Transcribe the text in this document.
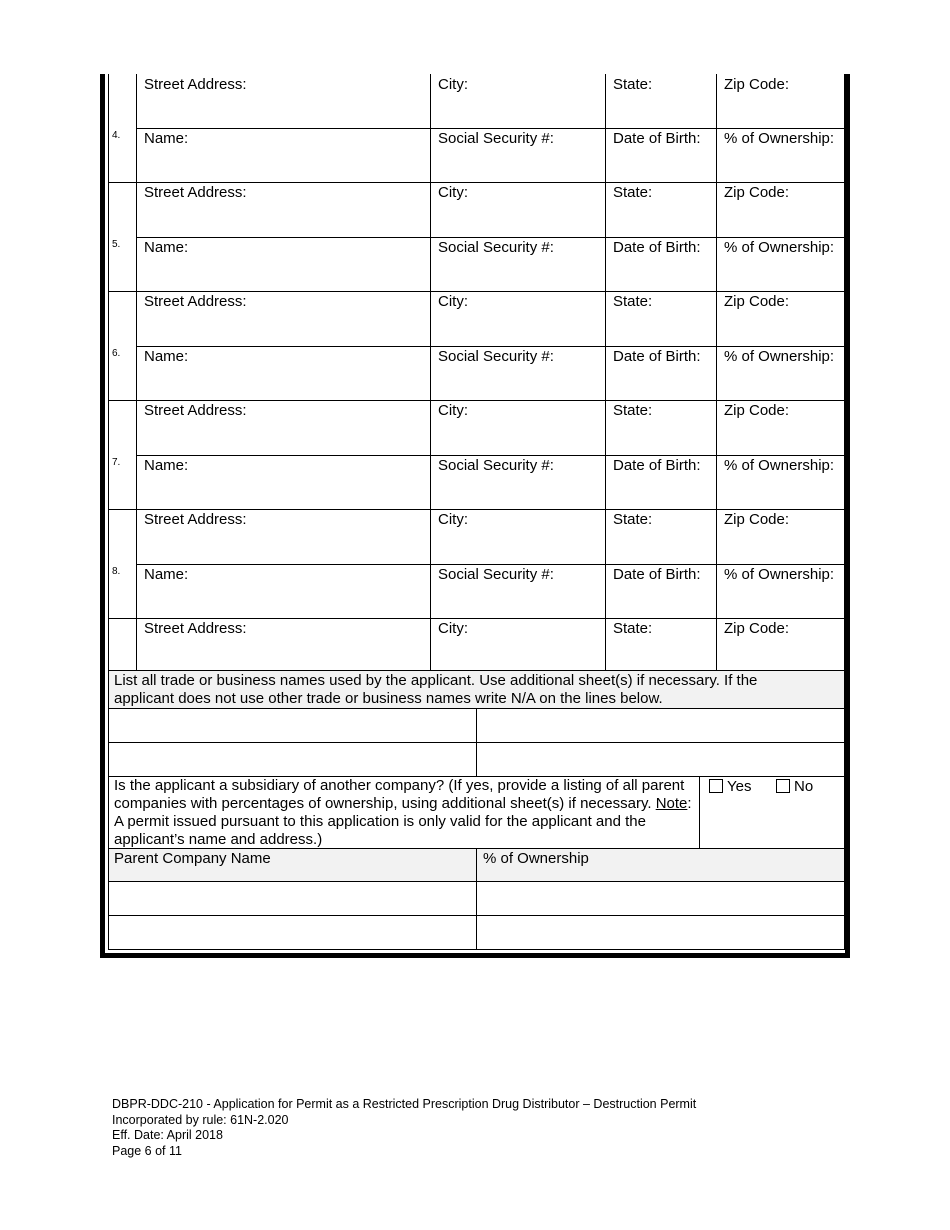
Street Address:	City:	State:	Zip Code:
4.	Name:	Social Security #:	Date of Birth:	% of Ownership:
Street Address:	City:	State:	Zip Code:
5.	Name:	Social Security #:	Date of Birth:	% of Ownership:
Street Address:	City:	State:	Zip Code:
6.	Name:	Social Security #:	Date of Birth:	% of Ownership:
Street Address:	City:	State:	Zip Code:
7.	Name:	Social Security #:	Date of Birth:	% of Ownership:
Street Address:	City:	State:	Zip Code:
8.	Name:	Social Security #:	Date of Birth:	% of Ownership:
Street Address:	City:	State:	Zip Code:
List all trade or business names used by the applicant. Use additional sheet(s) if necessary. If the applicant does not use other trade or business names write N/A on the lines below.
Is the applicant a subsidiary of another company? (If yes, provide a listing of all parent companies with percentages of ownership, using additional sheet(s) if necessary. Note: A permit issued pursuant to this application is only valid for the applicant and the applicant’s name and address.)
Yes	No
Parent Company Name	% of Ownership
DBPR-DDC-210 - Application for Permit as a Restricted Prescription Drug Distributor – Destruction Permit
Incorporated by rule: 61N-2.020
Eff. Date: April 2018
Page 6 of 11
